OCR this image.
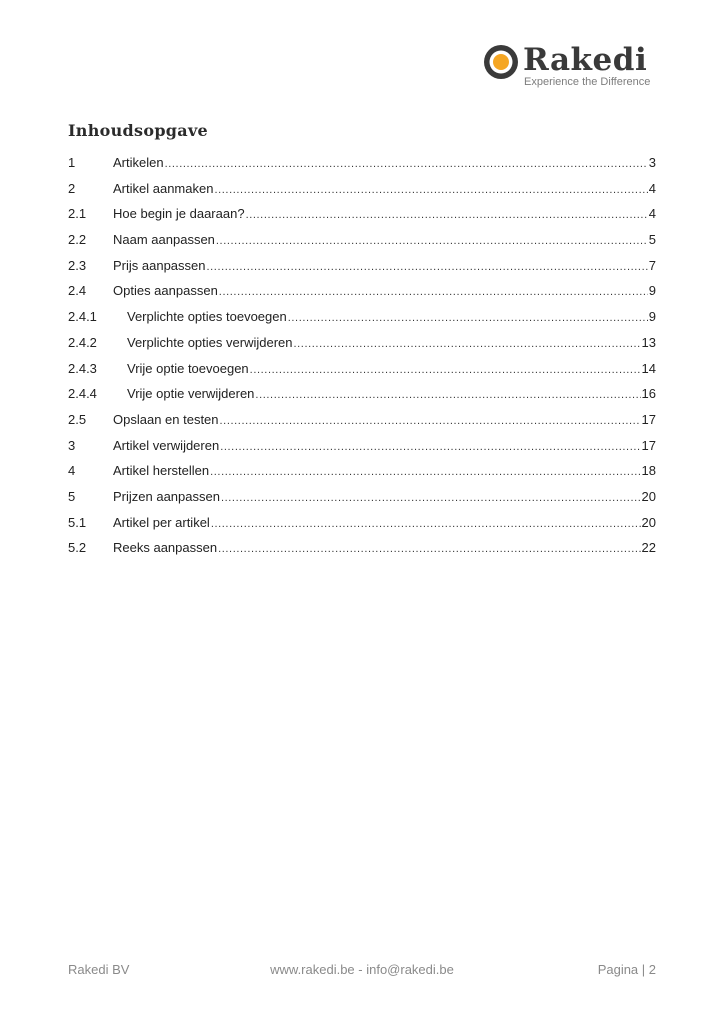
Rakedi
Experience the Difference
Inhoudsopgave
1	Artikelen .....	3
2	Artikel aanmaken .....	4
2.1	Hoe begin je daaraan? .....	4
2.2	Naam aanpassen .....	5
2.3	Prijs aanpassen .....	7
2.4	Opties aanpassen .....	9
2.4.1	Verplichte opties toevoegen .....	9
2.4.2	Verplichte opties verwijderen .....	13
2.4.3	Vrije optie toevoegen .....	14
2.4.4	Vrije optie verwijderen .....	16
2.5	Opslaan en testen .....	17
3	Artikel verwijderen .....	17
4	Artikel herstellen .....	18
5	Prijzen aanpassen .....	20
5.1	Artikel per artikel .....	20
5.2	Reeks aanpassen .....	22
Rakedi BV	www.rakedi.be - info@rakedi.be	Pagina | 2
